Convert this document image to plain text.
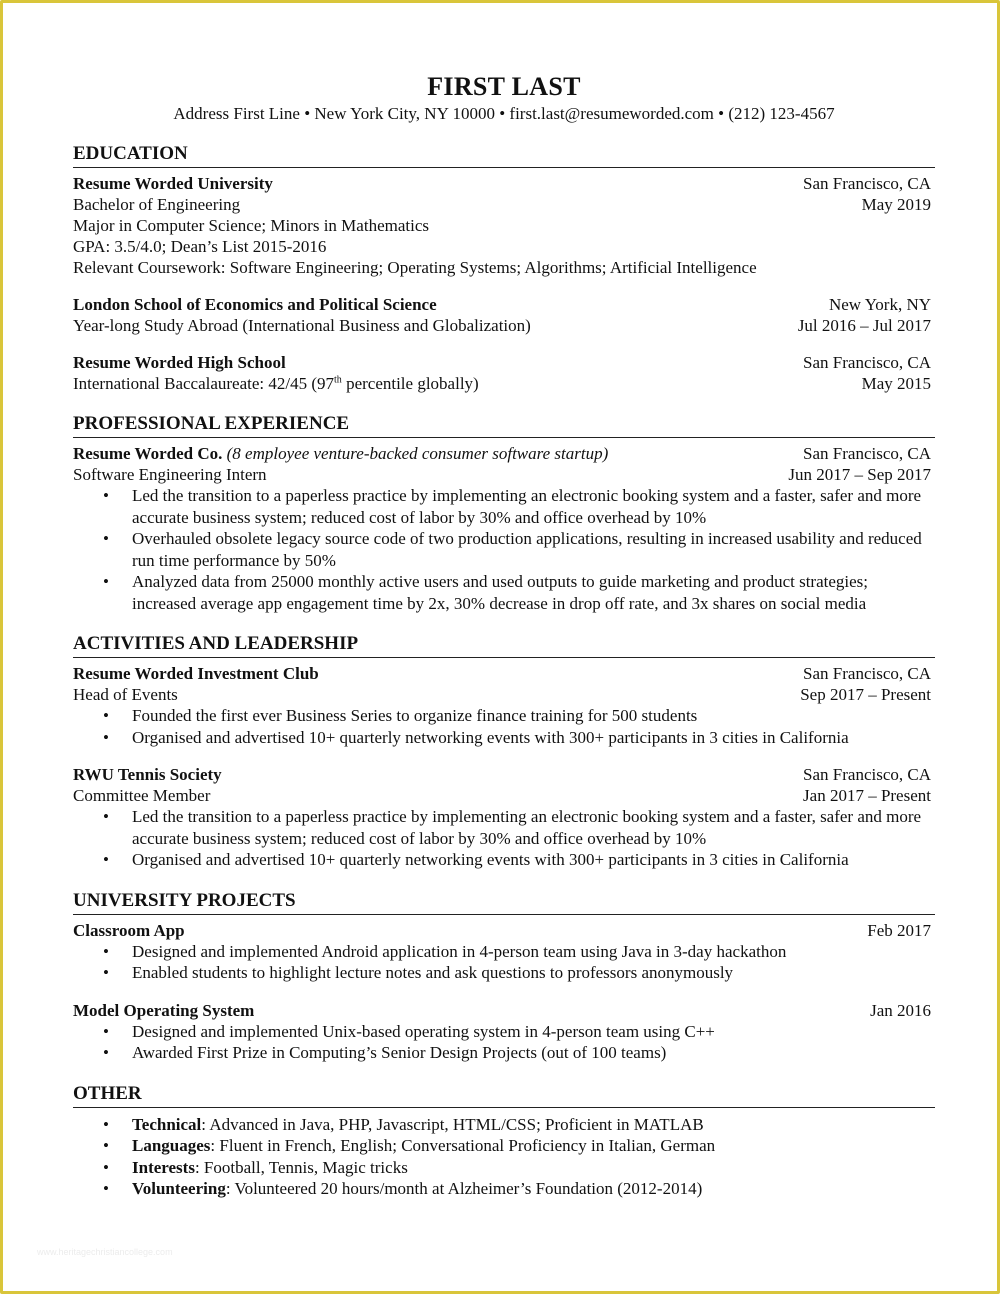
FIRST LAST

Address First Line • New York City, NY 10000 • first.last@resumeworded.com • (212) 123-4567

EDUCATION

Resume Worded University	San Francisco, CA
Bachelor of Engineering	May 2019
Major in Computer Science; Minors in Mathematics
GPA: 3.5/4.0; Dean’s List 2015-2016
Relevant Coursework: Software Engineering; Operating Systems; Algorithms; Artificial Intelligence
London School of Economics and Political Science	New York, NY
Year-long Study Abroad (International Business and Globalization)	Jul 2016 – Jul 2017
Resume Worded High School	San Francisco, CA
International Baccalaureate: 42/45 (97th percentile globally)	May 2015

PROFESSIONAL EXPERIENCE

Resume Worded Co. (8 employee venture-backed consumer software startup)	San Francisco, CA
Software Engineering Intern	Jun 2017 – Sep 2017
• Led the transition to a paperless practice by implementing an electronic booking system and a faster, safer and more accurate business system; reduced cost of labor by 30% and office overhead by 10%
• Overhauled obsolete legacy source code of two production applications, resulting in increased usability and reduced run time performance by 50%
• Analyzed data from 25000 monthly active users and used outputs to guide marketing and product strategies; increased average app engagement time by 2x, 30% decrease in drop off rate, and 3x shares on social media

ACTIVITIES AND LEADERSHIP

Resume Worded Investment Club	San Francisco, CA
Head of Events	Sep 2017 – Present
• Founded the first ever Business Series to organize finance training for 500 students
• Organised and advertised 10+ quarterly networking events with 300+ participants in 3 cities in California
RWU Tennis Society	San Francisco, CA
Committee Member	Jan 2017 – Present
• Led the transition to a paperless practice by implementing an electronic booking system and a faster, safer and more accurate business system; reduced cost of labor by 30% and office overhead by 10%
• Organised and advertised 10+ quarterly networking events with 300+ participants in 3 cities in California

UNIVERSITY PROJECTS

Classroom App	Feb 2017
• Designed and implemented Android application in 4-person team using Java in 3-day hackathon
• Enabled students to highlight lecture notes and ask questions to professors anonymously
Model Operating System	Jan 2016
• Designed and implemented Unix-based operating system in 4-person team using C++
• Awarded First Prize in Computing’s Senior Design Projects (out of 100 teams)

OTHER

• Technical: Advanced in Java, PHP, Javascript, HTML/CSS; Proficient in MATLAB
• Languages: Fluent in French, English; Conversational Proficiency in Italian, German
• Interests: Football, Tennis, Magic tricks
• Volunteering: Volunteered 20 hours/month at Alzheimer’s Foundation (2012-2014)
www.heritagechristiancollege.com
